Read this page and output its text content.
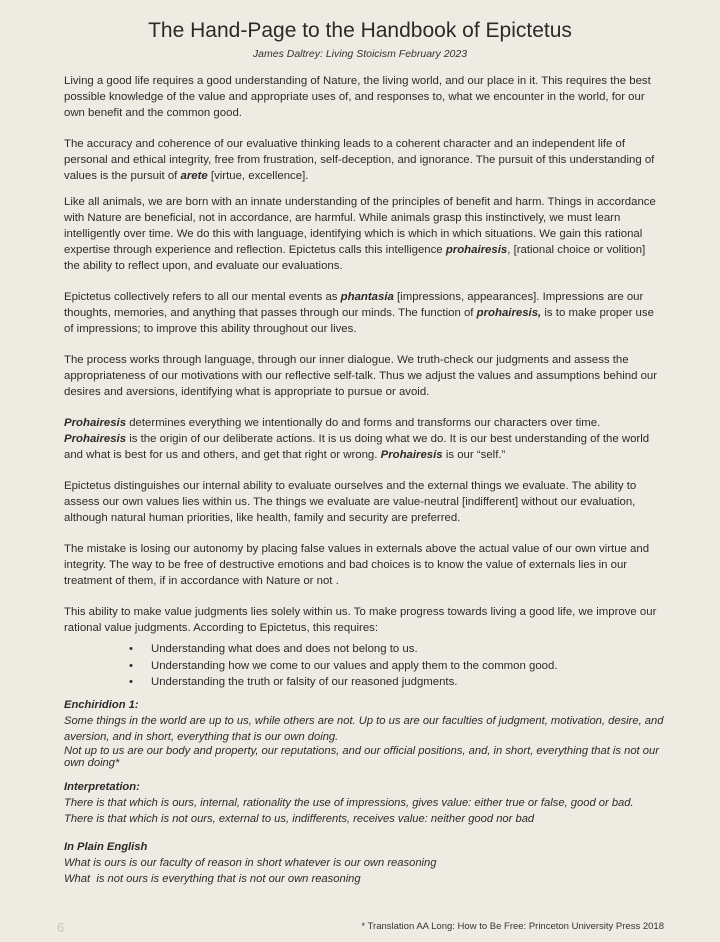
The Hand-Page to the Handbook of Epictetus
James Daltrey: Living Stoicism February 2023

Living a good life requires a good understanding of Nature, the living world, and our place in it. This requires the best possible knowledge of the value and appropriate uses of, and responses to, what we encounter in the world, for our own benefit and the common good.

The accuracy and coherence of our evaluative thinking leads to a coherent character and an independent life of personal and ethical integrity, free from frustration, self-deception, and ignorance. The pursuit of this understanding of values is the pursuit of arete [virtue, excellence].

Like all animals, we are born with an innate understanding of the principles of benefit and harm. Things in accordance with Nature are beneficial, not in accordance, are harmful. While animals grasp this instinctively, we must learn intelligently over time. We do this with language, identifying which is which in which situations. We gain this rational expertise through experience and reflection. Epictetus calls this intelligence prohairesis, [rational choice or volition] the ability to reflect upon, and evaluate our evaluations.

Epictetus collectively refers to all our mental events as phantasia [impressions, appearances]. Impressions are our thoughts, memories, and anything that passes through our minds. The function of prohairesis, is to make proper use of impressions; to improve this ability throughout our lives.

The process works through language, through our inner dialogue. We truth-check our judgments and assess the appropriateness of our motivations with our reflective self-talk. Thus we adjust the values and assumptions behind our desires and aversions, identifying what is appropriate to pursue or avoid.

Prohairesis determines everything we intentionally do and forms and transforms our characters over time. Prohairesis is the origin of our deliberate actions. It is us doing what we do. It is our best understanding of the world and what is best for us and others, and get that right or wrong. Prohairesis is our “self.”

Epictetus distinguishes our internal ability to evaluate ourselves and the external things we evaluate. The ability to assess our own values lies within us. The things we evaluate are value-neutral [indifferent] without our evaluation, although natural human priorities, like health, family and security are preferred.

The mistake is losing our autonomy by placing false values in externals above the actual value of our own virtue and integrity. The way to be free of destructive emotions and bad choices is to know the value of externals lies in our treatment of them, if in accordance with Nature or not .

This ability to make value judgments lies solely within us. To make progress towards living a good life, we improve our rational value judgments. According to Epictetus, this requires:

• Understanding what does and does not belong to us.
• Understanding how we come to our values and apply them to the common good.
• Understanding the truth or falsity of our reasoned judgments.
Enchiridion 1:
Some things in the world are up to us, while others are not. Up to us are our faculties of judgment, motivation, desire, and aversion, and in short, everything that is our own doing.
Not up to us are our body and property, our reputations, and our official positions, and, in short, everything that is not our own doing*
Interpretation:
There is that which is ours, internal, rationality the use of impressions, gives value: either true or false, good or bad.
There is that which is not ours, external to us, indifferents, receives value: neither good nor bad
In Plain English
What is ours is our faculty of reason in short whatever is our own reasoning
What  is not ours is everything that is not our own reasoning
6	* Translation AA Long: How to Be Free: Princeton University Press 2018
